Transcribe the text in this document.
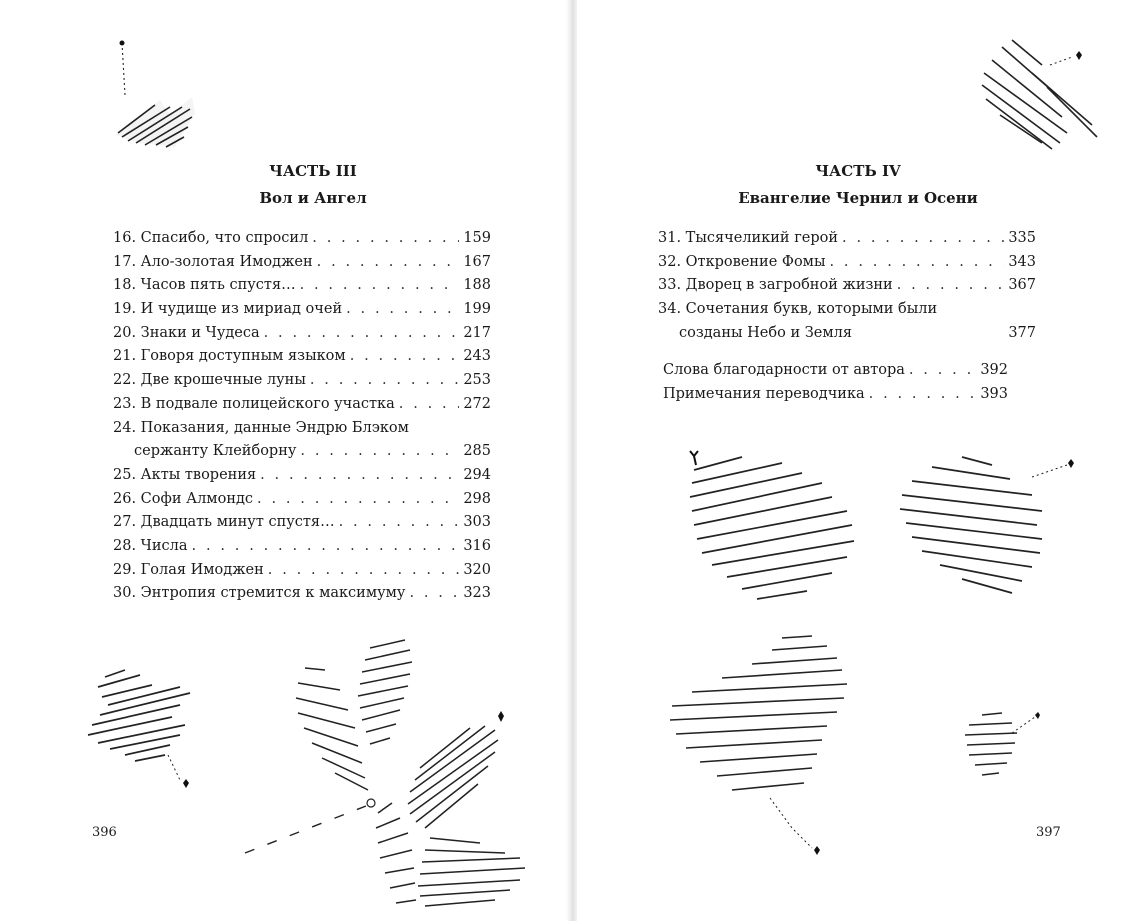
ЧАСТЬ III
Вол и Ангел
16. Спасибо, что спросил . . .	159
17. Ало-золотая Имоджен . . .	167
18. Часов пять спустя… . . .	188
19. И чудище из мириад очей . . .	199
20. Знаки и Чудеса . . .	217
21. Говоря доступным языком . . .	243
22. Две крошечные луны . . .	253
23. В подвале полицейского участка . . .	272
24. Показания, данные Эндрю Блэком
сержанту Клейборну . . .	285
25. Акты творения . . .	294
26. Софи Алмондс . . .	298
27. Двадцать минут спустя… . . .	303
28. Числа . . .	316
29. Голая Имоджен . . .	320
30. Энтропия стремится к максимуму . . .	323
396
ЧАСТЬ IV
Евангелие Чернил и Осени
31. Тысячеликий герой . . .	335
32. Откровение Фомы . . .	343
33. Дворец в загробной жизни . . .	367
34. Сочетания букв, которыми были
созданы Небо и Земля	377
Слова благодарности от автора . . .	392
Примечания переводчика . . .	393
397
